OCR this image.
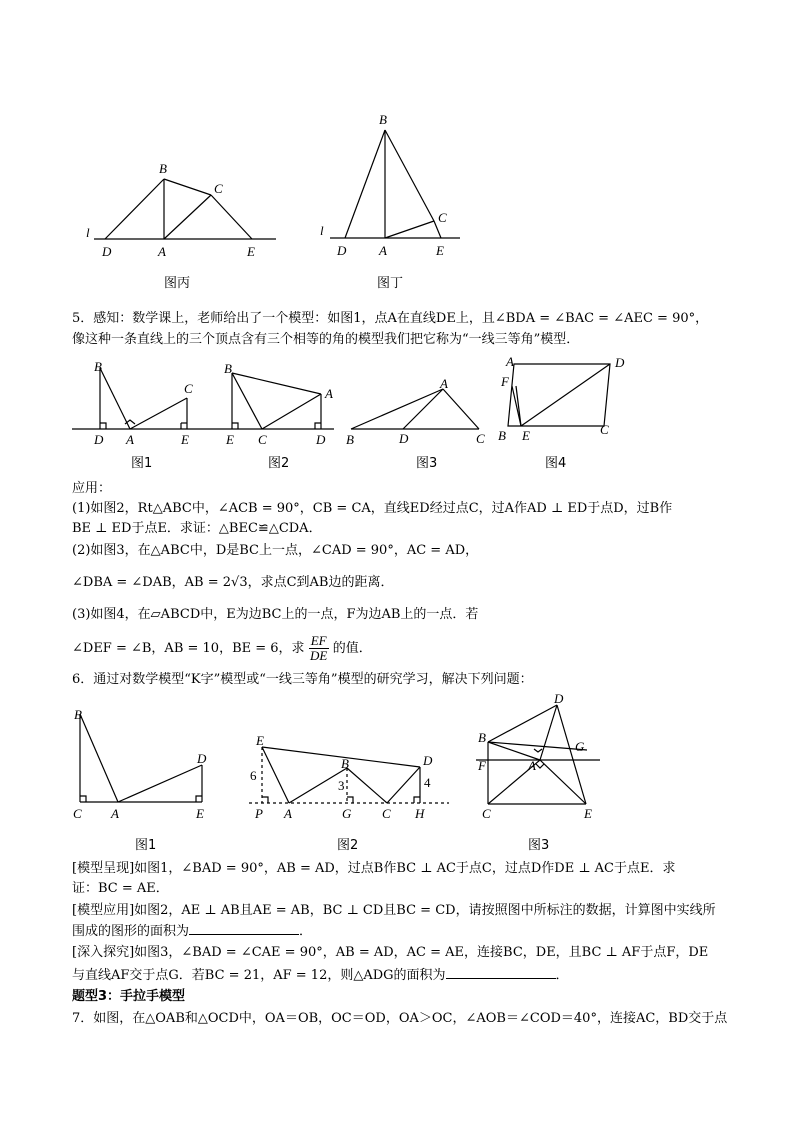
B
C
l
D	A	E
图丙
B
C
l
D	A	E
图丁
5．感知：数学课上，老师给出了一个模型：如图1，点A在直线DE上，且∠BDA = ∠BAC = ∠AEC = 90°，
像这种一条直线上的三个顶点含有三个相等的角的模型我们把它称为“一线三等角”模型．
B
C
D A	E
图1
B
A
E C	D
图2
A
B	D	C
图3
A	D
F
B E	C
图4
应用：
(1)如图2，Rt△ABC中，∠ACB = 90°，CB = CA，直线ED经过点C，过A作AD ⊥ ED于点D，过B作
BE ⊥ ED于点E．求证：△BEC≌△CDA．
(2)如图3，在△ABC中，D是BC上一点，∠CAD = 90°，AC = AD，
∠DBA = ∠DAB，AB = 2√3，求点C到AB边的距离．
(3)如图4，在▱ABCD中，E为边BC上的一点，F为边AB上的一点．若
∠DEF = ∠B，AB = 10，BE = 6，求 $\frac{EF}{DE}$ 的值．
6．通过对数学模型“K字”模型或“一线三等角”模型的研究学习，解决下列问题：
B
D
C A	E
图1
E
D
B
6
3	4
P A	G C H
图2
D
B
G
F	A
C	E
图3
[模型呈现]如图1，∠BAD = 90°，AB = AD，过点B作BC ⊥ AC于点C，过点D作DE ⊥ AC于点E．求
证：BC = AE．
[模型应用]如图2，AE ⊥ AB且AE = AB，BC ⊥ CD且BC = CD，请按照图中所标注的数据，计算图中实线所
围成的图形的面积为	．
[深入探究]如图3，∠BAD = ∠CAE = 90°，AB = AD，AC = AE，连接BC，DE，且BC ⊥ AF于点F，DE
与直线AF交于点G．若BC = 21，AF = 12，则△ADG的面积为	．
题型3：手拉手模型
7．如图，在△OAB和△OCD中，OA＝OB，OC＝OD，OA＞OC，∠AOB＝∠COD＝40°，连接AC，BD交于点
